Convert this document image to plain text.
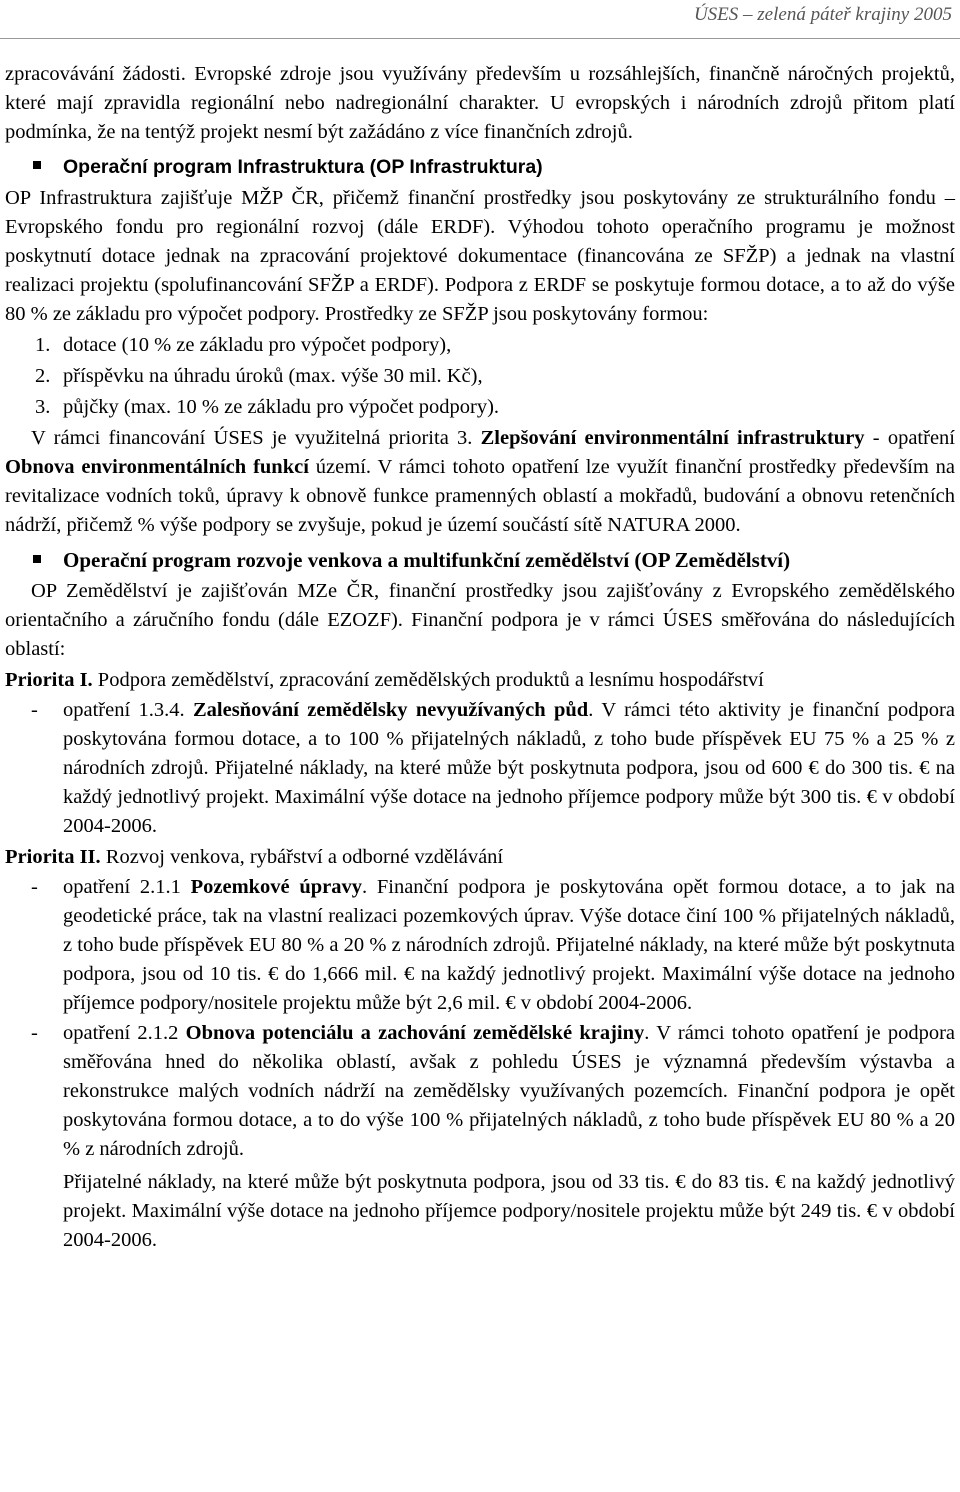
ÚSES – zelená páteř krajiny 2005

zpracovávání žádosti. Evropské zdroje jsou využívány především u rozsáhlejších, finančně náročných projektů, které mají zpravidla regionální nebo nadregionální charakter. U evropských i národních zdrojů přitom platí podmínka, že na tentýž projekt nesmí být zažádáno z více finančních zdrojů.

Operační program Infrastruktura (OP Infrastruktura)

OP Infrastruktura zajišťuje MŽP ČR, přičemž finanční prostředky jsou poskytovány ze strukturálního fondu – Evropského fondu pro regionální rozvoj (dále ERDF). Výhodou tohoto operačního programu je možnost poskytnutí dotace jednak na zpracování projektové dokumentace (financována ze SFŽP) a jednak na vlastní realizaci projektu (spolufinancování SFŽP a ERDF). Podpora z ERDF se poskytuje formou dotace, a to až do výše 80 % ze základu pro výpočet podpory. Prostředky ze SFŽP jsou poskytovány formou:

1. dotace (10 % ze základu pro výpočet podpory),
2. příspěvku na úhradu úroků (max. výše 30 mil. Kč),
3. půjčky (max. 10 % ze základu pro výpočet podpory).

V rámci financování ÚSES je využitelná priorita 3. Zlepšování environmentální infrastruktury - opatření Obnova environmentálních funkcí území. V rámci tohoto opatření lze využít finanční prostředky především na revitalizace vodních toků, úpravy k obnově funkce pramenných oblastí a mokřadů, budování a obnovu retenčních nádrží, přičemž % výše podpory se zvyšuje, pokud je území součástí sítě NATURA 2000.

Operační program rozvoje venkova a multifunkční zemědělství (OP Zemědělství)

OP Zemědělství je zajišťován MZe ČR, finanční prostředky jsou zajišťovány z Evropského zemědělského orientačního a záručního fondu (dále EZOZF). Finanční podpora je v rámci ÚSES směřována do následujících oblastí:

Priorita I. Podpora zemědělství, zpracování zemědělských produktů a lesnímu hospodářství

-	opatření 1.3.4. Zalesňování zemědělsky nevyužívaných půd. V rámci této aktivity je finanční podpora poskytována formou dotace, a to 100 % přijatelných nákladů, z toho bude příspěvek EU 75 % a 25 % z národních zdrojů. Přijatelné náklady, na které může být poskytnuta podpora, jsou od 600 € do 300 tis. € na každý jednotlivý projekt. Maximální výše dotace na jednoho příjemce podpory může být 300 tis. € v období 2004-2006.

Priorita II. Rozvoj venkova, rybářství a odborné vzdělávání

-	opatření 2.1.1 Pozemkové úpravy. Finanční podpora je poskytována opět formou dotace, a to jak na geodetické práce, tak na vlastní realizaci pozemkových úprav. Výše dotace činí 100 % přijatelných nákladů, z toho bude příspěvek EU 80 % a 20 % z národních zdrojů. Přijatelné náklady, na které může být poskytnuta podpora, jsou od 10 tis. € do 1,666 mil. € na každý jednotlivý projekt. Maximální výše dotace na jednoho příjemce podpory/nositele projektu může být 2,6 mil. € v období 2004-2006.
-	opatření 2.1.2 Obnova potenciálu a zachování zemědělské krajiny. V rámci tohoto opatření je podpora směřována hned do několika oblastí, avšak z pohledu ÚSES je významná především výstavba a rekonstrukce malých vodních nádrží na zemědělsky využívaných pozemcích. Finanční podpora je opět poskytována formou dotace, a to do výše 100 % přijatelných nákladů, z toho bude příspěvek EU 80 % a 20 % z národních zdrojů.

Přijatelné náklady, na které může být poskytnuta podpora, jsou od 33 tis. € do 83 tis. € na každý jednotlivý projekt. Maximální výše dotace na jednoho příjemce podpory/nositele projektu může být 249 tis. € v období 2004-2006.
